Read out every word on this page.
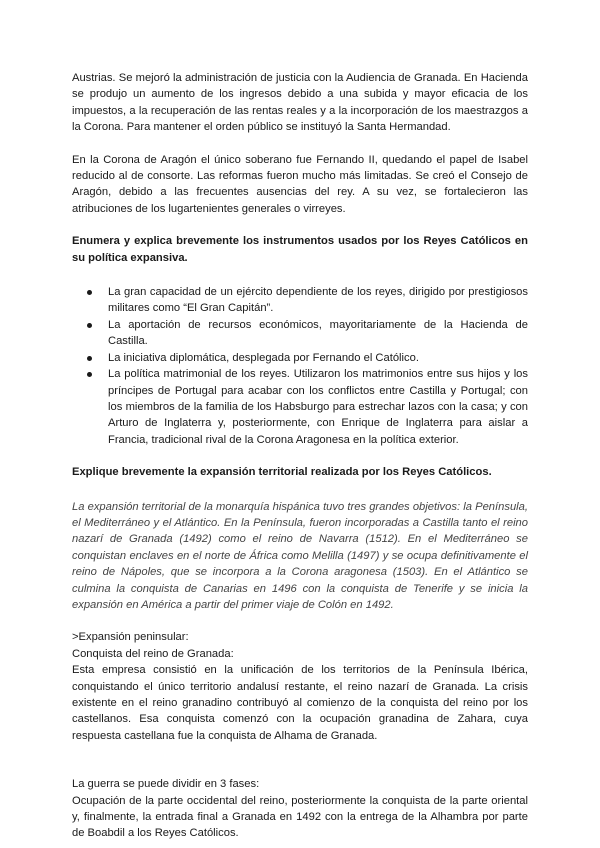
Austrias. Se mejoró la administración de justicia con la Audiencia de Granada. En Hacienda se produjo un aumento de los ingresos debido a una subida y mayor eficacia de los impuestos, a la recuperación de las rentas reales y a la incorporación de los maestrazgos a la Corona. Para mantener el orden público se instituyó la Santa Hermandad.

En la Corona de Aragón el único soberano fue Fernando II, quedando el papel de Isabel reducido al de consorte. Las reformas fueron mucho más limitadas. Se creó el Consejo de Aragón, debido a las frecuentes ausencias del rey. A su vez, se fortalecieron las atribuciones de los lugartenientes generales o virreyes.

Enumera y explica brevemente los instrumentos usados por los Reyes Católicos en su política expansiva.

La gran capacidad de un ejército dependiente de los reyes, dirigido por prestigiosos militares como “El Gran Capitán”.
La aportación de recursos económicos, mayoritariamente de la Hacienda de Castilla.
La iniciativa diplomática, desplegada por Fernando el Católico.
La política matrimonial de los reyes. Utilizaron los matrimonios entre sus hijos y los príncipes de Portugal para acabar con los conflictos entre Castilla y Portugal; con los miembros de la familia de los Habsburgo para estrechar lazos con la casa; y con Arturo de Inglaterra y, posteriormente, con Enrique de Inglaterra para aislar a Francia, tradicional rival de la Corona Aragonesa en la política exterior.

Explique brevemente la expansión territorial realizada por los Reyes Católicos.

La expansión territorial de la monarquía hispánica tuvo tres grandes objetivos: la Península, el Mediterráneo y el Atlántico. En la Península, fueron incorporadas a Castilla tanto el reino nazarí de Granada (1492) como el reino de Navarra (1512). En el Mediterráneo se conquistan enclaves en el norte de África como Melilla (1497) y se ocupa definitivamente el reino de Nápoles, que se incorpora a la Corona aragonesa (1503). En el Atlántico se culmina la conquista de Canarias en 1496 con la conquista de Tenerife y se inicia la expansión en América a partir del primer viaje de Colón en 1492.

>Expansión peninsular:
Conquista del reino de Granada:

Esta empresa consistió en la unificación de los territorios de la Península Ibérica, conquistando el único territorio andalusí restante, el reino nazarí de Granada. La crisis existente en el reino granadino contribuyó al comienzo de la conquista del reino por los castellanos. Esa conquista comenzó con la ocupación granadina de Zahara, cuya respuesta castellana fue la conquista de Alhama de Granada.

La guerra se puede dividir en 3 fases:

Ocupación de la parte occidental del reino, posteriormente la conquista de la parte oriental y, finalmente, la entrada final a Granada en 1492 con la entrega de la Alhambra por parte de Boabdil a los Reyes Católicos.
